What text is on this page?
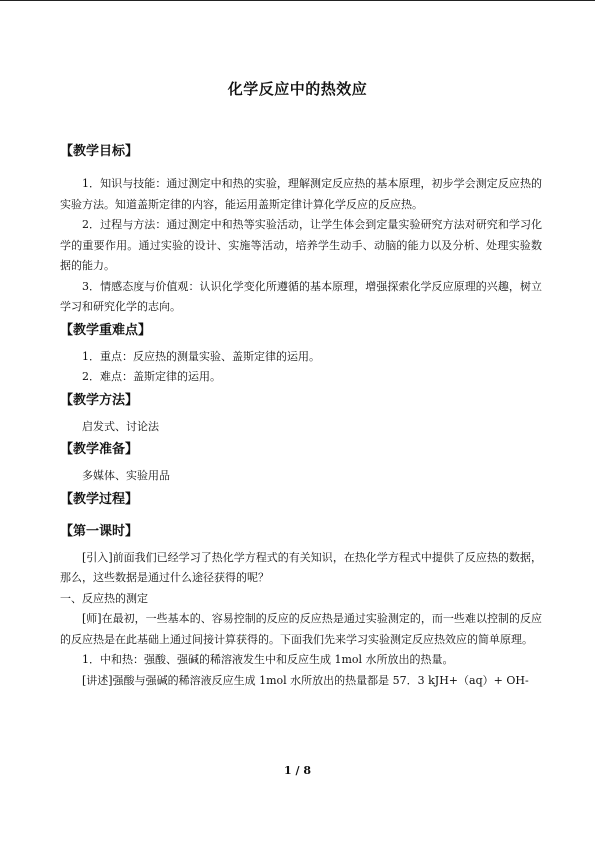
化学反应中的热效应
【教学目标】

1．知识与技能：通过测定中和热的实验，理解测定反应热的基本原理，初步学会测定反应热的实验方法。知道盖斯定律的内容，能运用盖斯定律计算化学反应的反应热。

2．过程与方法：通过测定中和热等实验活动，让学生体会到定量实验研究方法对研究和学习化学的重要作用。通过实验的设计、实施等活动，培养学生动手、动脑的能力以及分析、处理实验数据的能力。

3．情感态度与价值观：认识化学变化所遵循的基本原理，增强探索化学反应原理的兴趣，树立学习和研究化学的志向。

【教学重难点】

1．重点：反应热的测量实验、盖斯定律的运用。

2．难点：盖斯定律的运用。

【教学方法】

启发式、讨论法

【教学准备】

多媒体、实验用品

【教学过程】
【第一课时】

[引入]前面我们已经学习了热化学方程式的有关知识，在热化学方程式中提供了反应热的数据，那么，这些数据是通过什么途径获得的呢？

一、反应热的测定

[师]在最初，一些基本的、容易控制的反应的反应热是通过实验测定的，而一些难以控制的反应的反应热是在此基础上通过间接计算获得的。下面我们先来学习实验测定反应热效应的简单原理。

1．中和热：强酸、强碱的稀溶液发生中和反应生成 1mol 水所放出的热量。

[讲述]强酸与强碱的稀溶液反应生成 1mol 水所放出的热量都是 57．3 kJH+（aq）+ OH-

1 / 8
